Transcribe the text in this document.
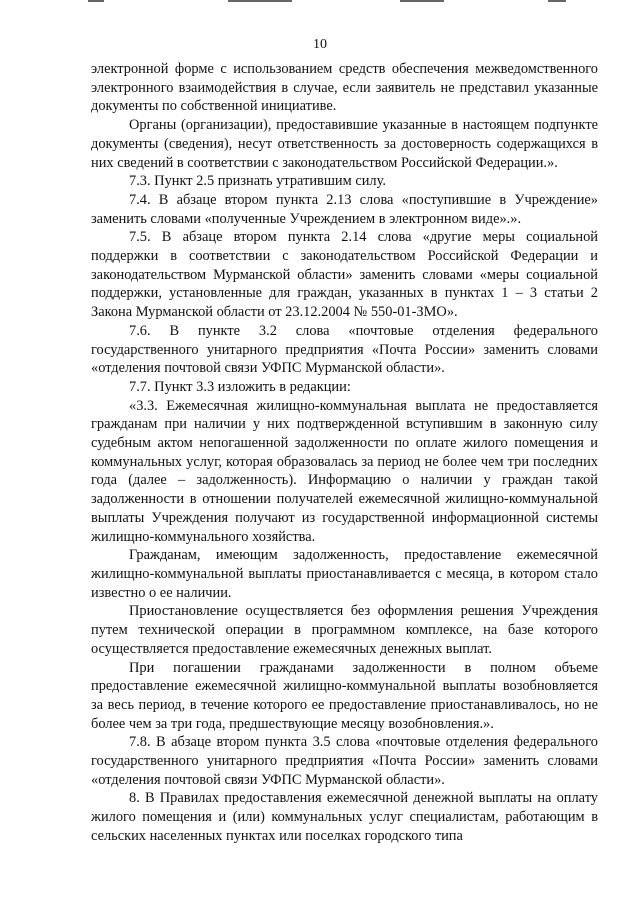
10

электронной форме с использованием средств обеспечения межведомственного электронного взаимодействия в случае, если заявитель не представил указанные документы по собственной инициативе.

Органы (организации), предоставившие указанные в настоящем подпункте документы (сведения), несут ответственность за достоверность содержащихся в них сведений в соответствии с законодательством Российской Федерации.».

7.3. Пункт 2.5 признать утратившим силу.

7.4. В абзаце втором пункта 2.13 слова «поступившие в Учреждение» заменить словами «полученные Учреждением в электронном виде».».

7.5. В абзаце втором пункта 2.14 слова «другие меры социальной поддержки в соответствии с законодательством Российской Федерации и законодательством Мурманской области» заменить словами «меры социальной поддержки, установленные для граждан, указанных в пунктах 1 – 3 статьи 2 Закона Мурманской области от 23.12.2004 № 550-01-ЗМО».

7.6. В пункте 3.2 слова «почтовые отделения федерального государственного унитарного предприятия «Почта России» заменить словами «отделения почтовой связи УФПС Мурманской области».

7.7. Пункт 3.3 изложить в редакции:

«3.3. Ежемесячная жилищно-коммунальная выплата не предоставляется гражданам при наличии у них подтвержденной вступившим в законную силу судебным актом непогашенной задолженности по оплате жилого помещения и коммунальных услуг, которая образовалась за период не более чем три последних года (далее – задолженность). Информацию о наличии у граждан такой задолженности в отношении получателей ежемесячной жилищно-коммунальной выплаты Учреждения получают из государственной информационной системы жилищно-коммунального хозяйства.

Гражданам, имеющим задолженность, предоставление ежемесячной жилищно-коммунальной выплаты приостанавливается с месяца, в котором стало известно о ее наличии.

Приостановление осуществляется без оформления решения Учреждения путем технической операции в программном комплексе, на базе которого осуществляется предоставление ежемесячных денежных выплат.

При погашении гражданами задолженности в полном объеме предоставление ежемесячной жилищно-коммунальной выплаты возобновляется за весь период, в течение которого ее предоставление приостанавливалось, но не более чем за три года, предшествующие месяцу возобновления.».

7.8. В абзаце втором пункта 3.5 слова «почтовые отделения федерального государственного унитарного предприятия «Почта России» заменить словами «отделения почтовой связи УФПС Мурманской области».

8. В Правилах предоставления ежемесячной денежной выплаты на оплату жилого помещения и (или) коммунальных услуг специалистам, работающим в сельских населенных пунктах или поселках городского типа
